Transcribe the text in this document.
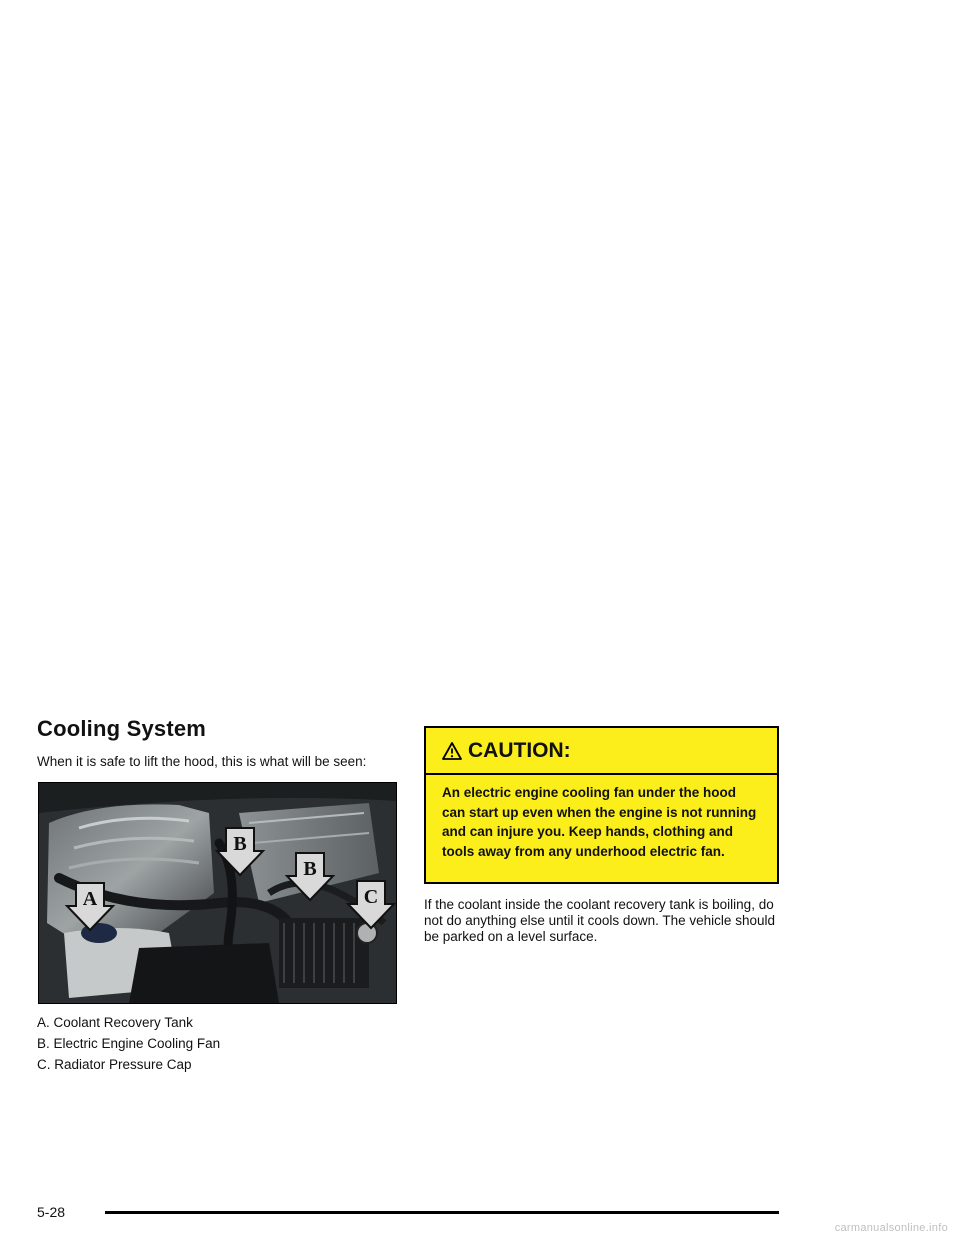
Cooling System

When it is safe to lift the hood, this is what will be seen:

B
A
B
C
A. Coolant Recovery Tank
B. Electric Engine Cooling Fan
C. Radiator Pressure Cap
CAUTION:
An electric engine cooling fan under the hood can start up even when the engine is not running and can injure you. Keep hands, clothing and tools away from any underhood electric fan.

If the coolant inside the coolant recovery tank is boiling, do not do anything else until it cools down. The vehicle should be parked on a level surface.

5-28

carmanualsonline.info
